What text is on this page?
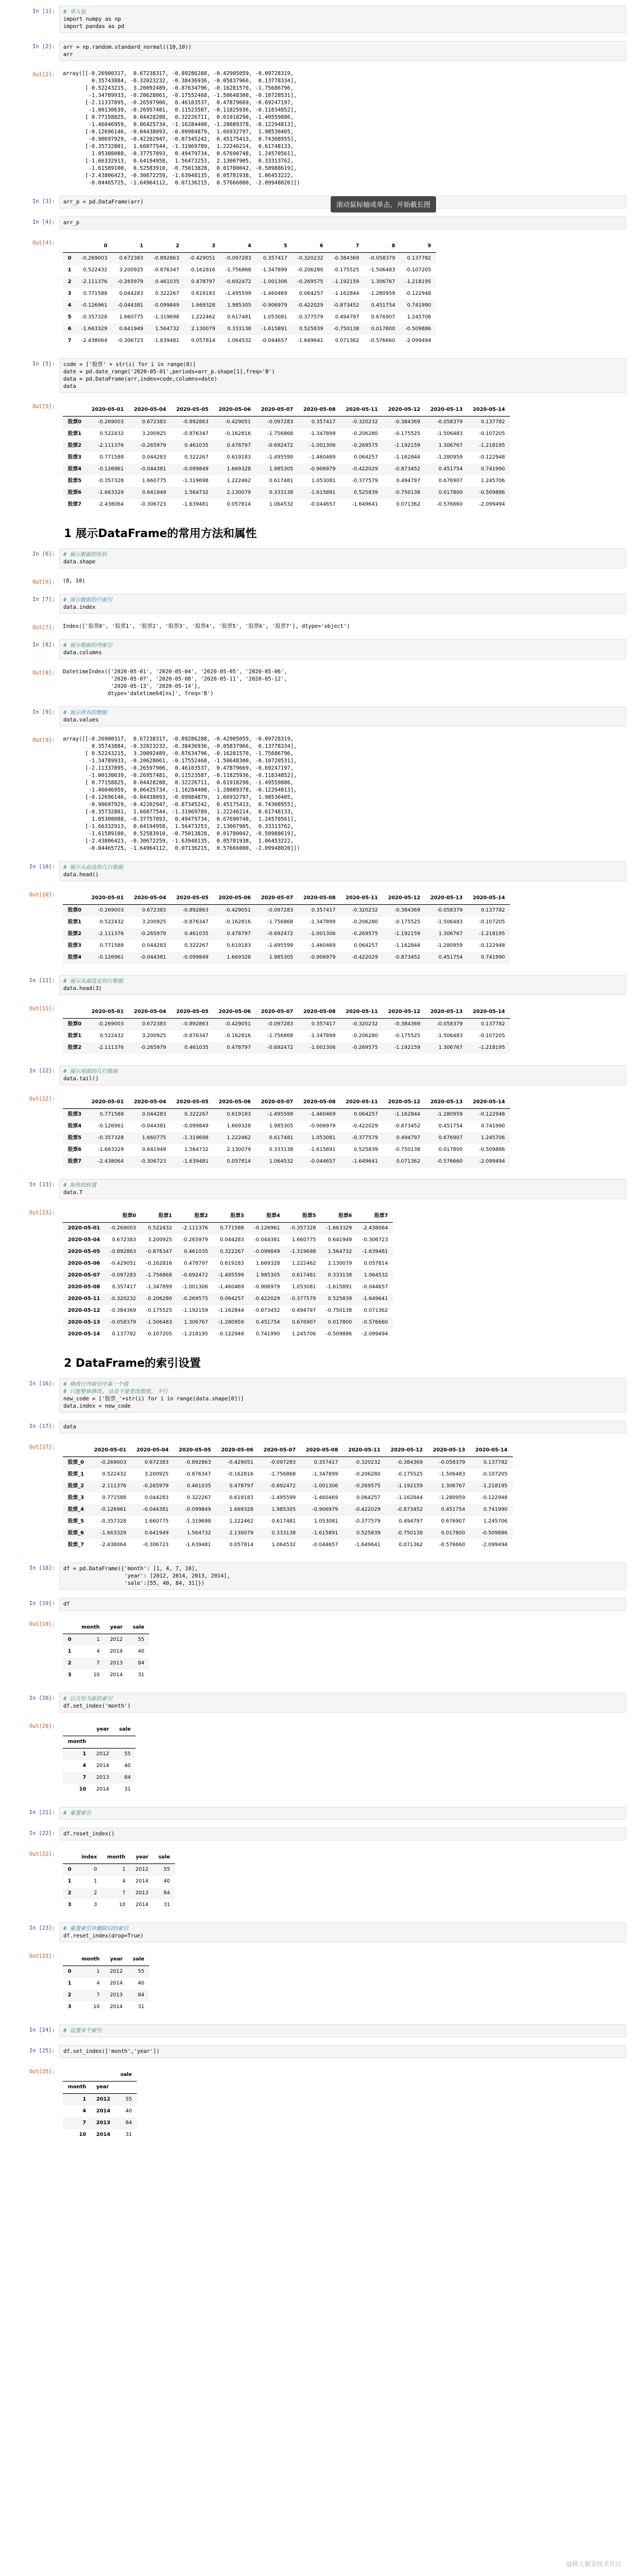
In [1]:	# 导入包
import numpy as np
import pandas as pd
In [2]:	arr = np.random.standard_normal((10,10))
arr
Out[2]:	array([[-0.26900317,  0.67238317, -0.89286288, -0.42905059, -0.09728319,
0.35743884, -0.32023232, -0.38436936, -0.05837966,  0.13778334],
[ 0.52243215,  3.20092489, -0.87634796, -0.16281570, -1.75686796,
-1.34789933, -0.20628061, -0.17552468, -1.50648300, -0.10720531],
[-2.11337895, -0.26597906,  0.46103537,  0.47879669, -0.69247197,
-1.00130639, -0.26957481,  0.11523587, -0.11825936, -0.11834852],
[ 0.77158825,  0.04428288,  0.32226711,  0.61918298, -1.49559886,
-1.46046959,  0.06425734, -1.16284408, -1.28089378, -0.12294813],
[-0.12696146, -0.04438093, -0.09984879,  1.66932797,  1.98530405,
-0.90697929, -0.42202947, -0.87345242,  0.45175413,  0.74308955],
[-0.35732801,  1.66077544, -1.31969789,  1.22246214,  0.61748133,
1.05308088, -0.37757893,  0.49479734,  0.67690748,  1.24570561],
[-1.66332913,  0.64194958,  1.56473253,  2.13007905,  0.33313762,
-1.61589100,  0.52583910, -0.75013828,  0.01780042, -0.50988619],
[-2.43806423, -0.30672259, -1.63948135,  0.05781938,  1.06453222,
-0.04465725, -1.64964112,  0.07136215,  0.57666000, -2.09948020]])
In [3]:	arr_p = pd.DataFrame(arr)
In [4]:	arr_p
Out[4]:
		0	1	2	3	4	5	6	7	8	9
0	-0.269003	0.672383	-0.892863	-0.429051	-0.097283	0.357417	-0.320232	-0.384369	-0.058379	0.137782
1	0.522432	3.200925	-0.876347	-0.162816	-1.756868	-1.347899	-0.206280	-0.175525	-1.506483	-0.107205
2	-2.111376	-0.265979	0.461035	0.478797	-0.692472	-1.001306	-0.269575	-1.192159	1.306767	-1.218195
3	0.771588	0.044283	0.322267	0.619183	-1.495599	-1.460469	0.064257	-1.162844	-1.280959	-0.122948
4	-0.126961	-0.044381	-0.099849	1.669328	1.985305	-0.906979	-0.422029	-0.873452	0.451754	0.741990
5	-0.357328	1.660775	-1.319698	1.222462	0.617481	1.053081	-0.377579	0.494797	0.676907	1.245706
6	-1.663329	0.641949	1.564732	2.130079	0.333138	-1.615891	0.525839	-0.750138	0.017800	-0.509886
7	-2.438064	-0.306723	-1.639481	0.057814	1.064532	-0.044657	-1.649641	0.071362	-0.576660	-2.099494
In [5]:	code = ['股票' + str(i) for i in range(8)]
date = pd.date_range('2020-05-01',periods=arr_p.shape[1],freq='B')
data = pd.DataFrame(arr,index=code,columns=date)
data
Out[5]:
		2020-05-01	2020-05-04	2020-05-05	2020-05-06	2020-05-07	2020-05-08	2020-05-11	2020-05-12	2020-05-13	2020-05-14
股票0	-0.269003	0.672383	-0.892863	-0.429051	-0.097283	0.357417	-0.320232	-0.384369	-0.058379	0.137782
股票1	0.522432	3.200925	-0.876347	-0.162816	-1.756868	-1.347899	-0.206280	-0.175525	-1.506483	-0.107205
股票2	-2.111376	-0.265979	0.461035	0.478797	-0.692472	-1.001306	-0.269575	-1.192159	1.306767	-1.218195
股票3	0.771588	0.044283	0.322267	0.619183	-1.495599	-1.460469	0.064257	-1.162844	-1.280959	-0.122948
股票4	-0.126961	-0.044381	-0.099849	1.669328	1.985305	-0.906979	-0.422029	-0.873452	0.451754	0.741990
股票5	-0.357328	1.660775	-1.319698	1.222462	0.617481	1.053081	-0.377579	0.494797	0.676907	1.245706
股票6	-1.663329	0.641949	1.564732	2.130079	0.333138	-1.615891	0.525839	-0.750138	0.017800	-0.509886
股票7	-2.438064	-0.306723	-1.639481	0.057814	1.064532	-0.044657	-1.649641	0.071362	-0.576660	-2.099494
1 展示DataFrame的常用方法和属性
In [6]:	# 展示数据的形状
data.shape
Out[6]:	(8, 10)
In [7]:	# 展示数据的行索引
data.index
Out[7]:	Index(['股票0', '股票1', '股票2', '股票3', '股票4', '股票5', '股票6', '股票7'], dtype='object')
In [8]:	# 展示数据的列索引
data.columns
Out[8]:	DatetimeIndex(['2020-05-01', '2020-05-04', '2020-05-05', '2020-05-06',
'2020-05-07', '2020-05-08', '2020-05-11', '2020-05-12',
'2020-05-13', '2020-05-14'],
dtype='datetime64[ns]', freq='B')
In [9]:	# 展示所有的数据
data.values
Out[9]:	array([[-0.26900317,  0.67238317, -0.89286288, -0.42905059, -0.09728319,
0.35743884, -0.32023232, -0.38436936, -0.05837966,  0.13778334],
[ 0.52243215,  3.20092489, -0.87634796, -0.16281570, -1.75686796,
-1.34789933, -0.20628061, -0.17552468, -1.50648300, -0.10720531],
[-2.11337895, -0.26597906,  0.46103537,  0.47879669, -0.69247197,
-1.00130639, -0.26957481,  0.11523587, -0.11825936, -0.11834852],
[ 0.77158825,  0.04428288,  0.32226711,  0.61918298, -1.49559886,
-1.46046959,  0.06425734, -1.16284408, -1.28089378, -0.12294813],
[-0.12696146, -0.04438093, -0.09984879,  1.66932797,  1.98530405,
-0.90697929, -0.42202947, -0.87345242,  0.45175413,  0.74308955],
[-0.35732801,  1.66077544, -1.31969789,  1.22246214,  0.61748133,
1.05308088, -0.37757893,  0.49479734,  0.67690748,  1.24570561],
[-1.66332913,  0.64194958,  1.56473253,  2.13007905,  0.33313762,
-1.61589100,  0.52583910, -0.75013828,  0.01780042, -0.50988619],
[-2.43806423, -0.30672259, -1.63948135,  0.05781938,  1.06453222,
-0.04465725, -1.64964112,  0.07136215,  0.57666000, -2.09948020]])
In [10]:	# 展示头前选的几行数据
data.head()
Out[10]:
		2020-05-01	2020-05-04	2020-05-05	2020-05-06	2020-05-07	2020-05-08	2020-05-11	2020-05-12	2020-05-13	2020-05-14
股票0	-0.269003	0.672383	-0.892863	-0.429051	-0.097283	0.357417	-0.320232	-0.384369	-0.058379	0.137782
股票1	0.522432	3.200925	-0.876347	-0.162816	-1.756868	-1.347899	-0.206280	-0.175525	-1.506483	-0.107205
股票2	-2.111376	-0.265979	0.461035	0.478797	-0.692472	-1.001306	-0.269575	-1.192159	1.306767	-1.218195
股票3	0.771588	0.044283	0.322267	0.619183	-1.495599	-1.460469	0.064257	-1.162844	-1.280959	-0.122948
股票4	-0.126961	-0.044381	-0.099849	1.669328	1.985305	-0.906979	-0.422029	-0.873452	0.451754	0.741990
In [11]:	# 展示头部选定的行数据
data.head(3)
Out[11]:
		2020-05-01	2020-05-04	2020-05-05	2020-05-06	2020-05-07	2020-05-08	2020-05-11	2020-05-12	2020-05-13	2020-05-14
股票0	-0.269003	0.672383	-0.892863	-0.429051	-0.097283	0.357417	-0.320232	-0.384369	-0.058379	0.137782
股票1	0.522432	3.200925	-0.876347	-0.162816	-1.756868	-1.347899	-0.206280	-0.175525	-1.506483	-0.107205
股票2	-2.111376	-0.265979	0.461035	0.478797	-0.692472	-1.001306	-0.269575	-1.192159	1.306767	-1.218195
In [12]:	# 展示尾部的几行数据
data.tail()
Out[12]:
		2020-05-01	2020-05-04	2020-05-05	2020-05-06	2020-05-07	2020-05-08	2020-05-11	2020-05-12	2020-05-13	2020-05-14
股票3	0.771588	0.044283	0.322267	0.619183	-1.495599	-1.460469	0.064257	-1.162844	-1.280959	-0.122948
股票4	-0.126961	-0.044381	-0.099849	1.669328	1.985305	-0.906979	-0.422029	-0.873452	0.451754	0.741990
股票5	-0.357328	1.660775	-1.319698	1.222462	0.617481	1.053081	-0.377579	0.494797	0.676907	1.245706
股票6	-1.663329	0.641949	1.564732	2.130079	0.333138	-1.615891	0.525839	-0.750138	0.017800	-0.509886
股票7	-2.438064	-0.306723	-1.639481	0.057814	1.064532	-0.044657	-1.649641	0.071362	-0.576660	-2.099494
In [13]:	# 矩阵的转置
data.T
Out[13]:
		股票0	股票1	股票2	股票3	股票4	股票5	股票6	股票7
2020-05-01	-0.269003	0.522432	-2.111376	0.771588	-0.126961	-0.357328	-1.663329	-2.438064
2020-05-04	0.672383	3.200925	-0.265979	0.044283	-0.044381	1.660775	0.641949	-0.306723
2020-05-05	-0.892863	-0.876347	0.461035	0.322267	-0.099849	-1.319698	1.564732	-1.639481
2020-05-06	-0.429051	-0.162816	0.478797	0.619183	1.669328	1.222462	2.130079	0.057814
2020-05-07	-0.097283	-1.756868	-0.692472	-1.495599	1.985305	0.617481	0.333138	1.064532
2020-05-08	0.357417	-1.347899	-1.001306	-1.460469	-0.906979	1.053081	-1.615891	-0.044657
2020-05-11	-0.320232	-0.206280	-0.269575	0.064257	-0.422029	-0.377579	0.525839	-1.649641
2020-05-12	-0.384369	-0.175525	-1.192159	-1.162844	-0.873452	0.494797	-0.750138	0.071362
2020-05-13	-0.058379	-1.506483	1.306767	-1.280959	0.451754	0.676907	0.017800	-0.576660
2020-05-14	0.137782	-0.107205	-1.218195	-0.122948	0.741990	1.245706	-0.509886	-2.099494
2 DataFrame的索引设置
In [16]:	# 修改行列索引中某一个值
# 只能整体修改, 这是不能更改数值, 不行
new_code = ['股票_'+str(i) for i in range(data.shape[0])]
data.index = new_code
In [17]:	data
Out[17]:
		2020-05-01	2020-05-04	2020-05-05	2020-05-06	2020-05-07	2020-05-08	2020-05-11	2020-05-12	2020-05-13	2020-05-14
股票_0	-0.269003	0.672383	-0.892863	-0.429051	-0.097283	0.357417	-0.320232	-0.384369	-0.058379	0.137782
股票_1	0.522432	3.200925	-0.876347	-0.162816	-1.756868	-1.347899	-0.206280	-0.175525	-1.506483	-0.107205
股票_2	-2.111376	-0.265979	0.461035	0.478797	-0.692472	-1.001306	-0.269575	-1.192159	1.306767	-1.218195
股票_3	0.771588	0.044283	0.322267	0.619183	-1.495599	-1.460469	0.064257	-1.162844	-1.280959	-0.122948
股票_4	-0.126961	-0.044381	-0.099849	1.669328	1.985305	-0.906979	-0.422029	-0.873452	0.451754	0.741990
股票_5	-0.357328	1.660775	-1.319698	1.222462	0.617481	1.053081	-0.377579	0.494797	0.676907	1.245706
股票_6	-1.663329	0.641949	1.564732	2.130079	0.333138	-1.615891	0.525839	-0.750138	0.017800	-0.509886
股票_7	-2.438064	-0.306723	-1.639481	0.057814	1.064532	-0.044657	-1.649641	0.071362	-0.576660	-2.099494
In [18]:	df = pd.DataFrame({'month': [1, 4, 7, 10],
'year': [2012, 2014, 2013, 2014],
'sale':[55, 40, 84, 31]})
In [19]:	df
Out[19]:
		month	year	sale
0	1	2012	55
1	4	2014	40
2	7	2013	84
3	10	2014	31
In [20]:	# 以月份为新的索引
df.set_index('month')
Out[20]:
		year	sale
month		
1	2012	55
4	2014	40
7	2013	84
10	2014	31
In [21]:	# 重置索引
In [22]:	df.reset_index()
Out[22]:
		index	month	year	sale
0	0	1	2012	55
1	1	4	2014	40
2	2	7	2013	84
3	3	10	2014	31
In [23]:	# 重置索引并删除旧的索引
df.reset_index(drop=True)
Out[23]:
		month	year	sale
0	1	2012	55
1	4	2014	40
2	7	2013	84
3	10	2014	31
In [24]:	# 设置多个索引
In [25]:	df.set_index(['month','year'])
Out[25]:
			sale
month	year	
1	2012	55
4	2014	40
7	2013	84
10	2014	31
滚动鼠标轴或单击，开始截长图
@稀土掘金技术社区
